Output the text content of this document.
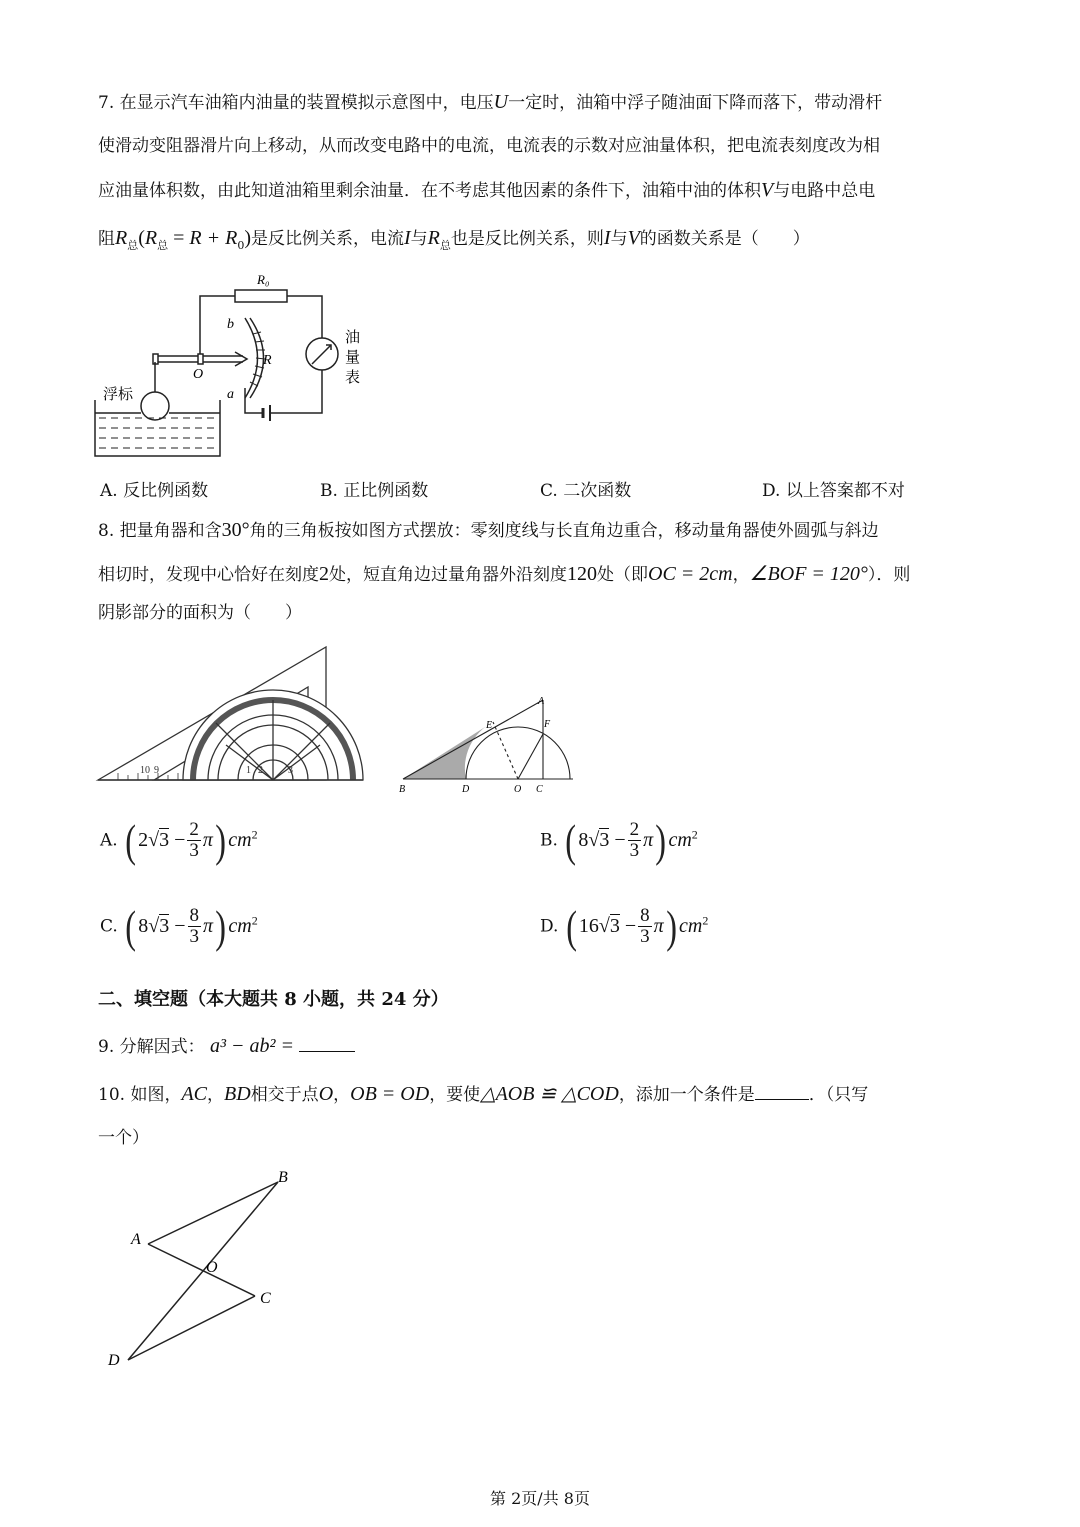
7. 在显示汽车油箱内油量的装置模拟示意图中，电压U一定时，油箱中浮子随油面下降而落下，带动滑杆
使滑动变阻器滑片向上移动，从而改变电路中的电流，电流表的示数对应油量体积，把电流表刻度改为相
应油量体积数，由此知道油箱里剩余油量．在不考虑其他因素的条件下，油箱中油的体积V与电路中总电
阻$R_总(R_总 = R + R_0)$是反比例关系，电流I与$R_总$也是反比例关系，则I与V的函数关系是（　　）
R₀
b
R
O
a
浮标
油
量
表
A. 反比例函数	B. 正比例函数	C. 二次函数	D. 以上答案都不对
8. 把量角器和含30°角的三角板按如图方式摆放：零刻度线与长直角边重合，移动量角器使外圆弧与斜边
相切时，发现中心恰好在刻度2处，短直角边过量角器外沿刻度120处（即OC = 2cm，∠BOF = 120°）．则
阴影部分的面积为（　　）
10 9	1 2	3
A
E	F
B	D	O C
A. ( $2√3 - \frac{2}{3} \pi$) $cm^2$	B. ( $8√3 - \frac{2}{3} \pi$) $cm^2$
C. ( $8√3 - \frac{8}{3} \pi$) $cm^2$	D. ( $16√3 - \frac{8}{3} \pi$) $cm^2$
二、填空题（本大题共 8 小题，共 24 分）
9. 分解因式： a³ − ab² =
10. 如图，AC，BD相交于点O，OB = OD，要使△AOB ≌ △COD，添加一个条件是	．（只写
一个）
B
A
O
C
D
第 2页/共 8页
